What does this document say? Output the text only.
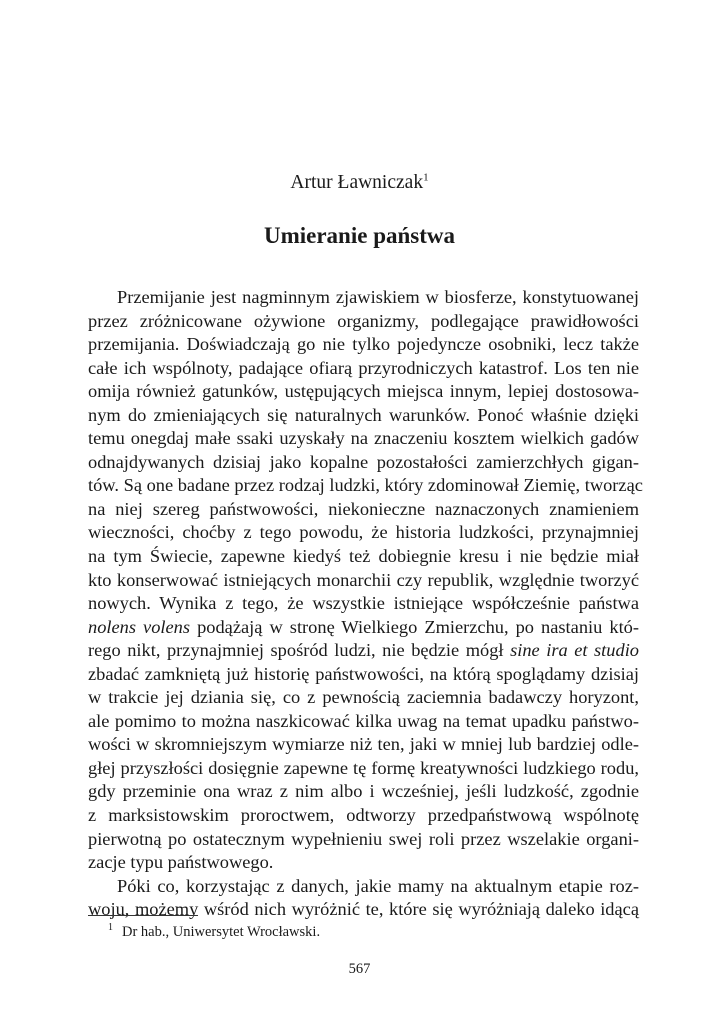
Artur Ławniczak$^1$
Umieranie państwa
Przemijanie jest nagminnym zjawiskiem w biosferze, konstytuowanej
przez zróżnicowane ożywione organizmy, podlegające prawidłowości
przemijania. Doświadczają go nie tylko pojedyncze osobniki, lecz także
całe ich wspólnoty, padające ofiarą przyrodniczych katastrof. Los ten nie
omija również gatunków, ustępujących miejsca innym, lepiej dostosowa-
nym do zmieniających się naturalnych warunków. Ponoć właśnie dzięki
temu onegdaj małe ssaki uzyskały na znaczeniu kosztem wielkich gadów
odnajdywanych dzisiaj jako kopalne pozostałości zamierzchłych gigan-
tów. Są one badane przez rodzaj ludzki, który zdominował Ziemię, tworząc
na niej szereg państwowości, niekonieczne naznaczonych znamieniem
wieczności, choćby z tego powodu, że historia ludzkości, przynajmniej
na tym Świecie, zapewne kiedyś też dobiegnie kresu i nie będzie miał
kto konserwować istniejących monarchii czy republik, względnie tworzyć
nowych. Wynika z tego, że wszystkie istniejące współcześnie państwa
nolens volens podążają w stronę Wielkiego Zmierzchu, po nastaniu któ-
rego nikt, przynajmniej spośród ludzi, nie będzie mógł sine ira et studio
zbadać zamkniętą już historię państwowości, na którą spoglądamy dzisiaj
w trakcie jej dziania się, co z pewnością zaciemnia badawczy horyzont,
ale pomimo to można naszkicować kilka uwag na temat upadku państwo-
wości w skromniejszym wymiarze niż ten, jaki w mniej lub bardziej odle-
głej przyszłości dosięgnie zapewne tę formę kreatywności ludzkiego rodu,
gdy przeminie ona wraz z nim albo i wcześniej, jeśli ludzkość, zgodnie
z marksistowskim proroctwem, odtworzy przedpaństwową wspólnotę
pierwotną po ostatecznym wypełnieniu swej roli przez wszelakie organi-
zacje typu państwowego.
Póki co, korzystając z danych, jakie mamy na aktualnym etapie roz-
woju, możemy wśród nich wyróżnić te, które się wyróżniają daleko idącą
$^1$ Dr hab., Uniwersytet Wrocławski.
567
